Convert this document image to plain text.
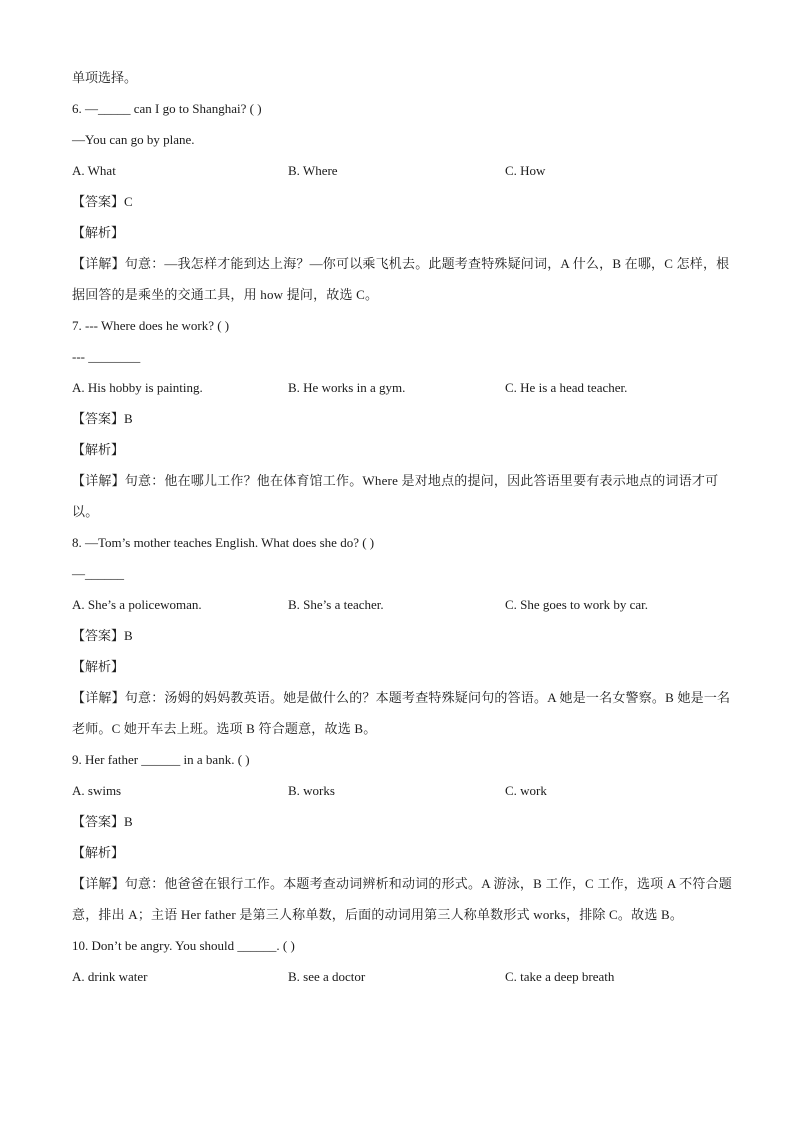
单项选择。
6. —_____ can I go to Shanghai? ( )
—You can go by plane.
A. What	B. Where	C. How
【答案】C
【解析】
【详解】句意：—我怎样才能到达上海？—你可以乘飞机去。此题考查特殊疑问词，A 什么，B 在哪，C 怎样，根据回答的是乘坐的交通工具，用 how 提问，故选 C。
7. --- Where does he work? ( )
--- ________
A. His hobby is painting.	B. He works in a gym.	C. He is a head teacher.
【答案】B
【解析】
【详解】句意：他在哪儿工作？他在体育馆工作。Where 是对地点的提问，因此答语里要有表示地点的词语才可以。
8. —Tom’s mother teaches English. What does she do? ( )
—______
A. She’s a policewoman.	B. She’s a teacher.	C. She goes to work by car.
【答案】B
【解析】
【详解】句意：汤姆的妈妈教英语。她是做什么的？本题考查特殊疑问句的答语。A 她是一名女警察。B 她是一名老师。C 她开车去上班。选项 B 符合题意，故选 B。
9. Her father ______ in a bank. ( )
A. swims	B. works	C. work
【答案】B
【解析】
【详解】句意：他爸爸在银行工作。本题考查动词辨析和动词的形式。A 游泳，B 工作，C 工作，选项 A 不符合题意，排出 A；主语 Her father 是第三人称单数，后面的动词用第三人称单数形式 works，排除 C。故选 B。
10. Don’t be angry. You should ______. ( )
A. drink water	B. see a doctor	C. take a deep breath
